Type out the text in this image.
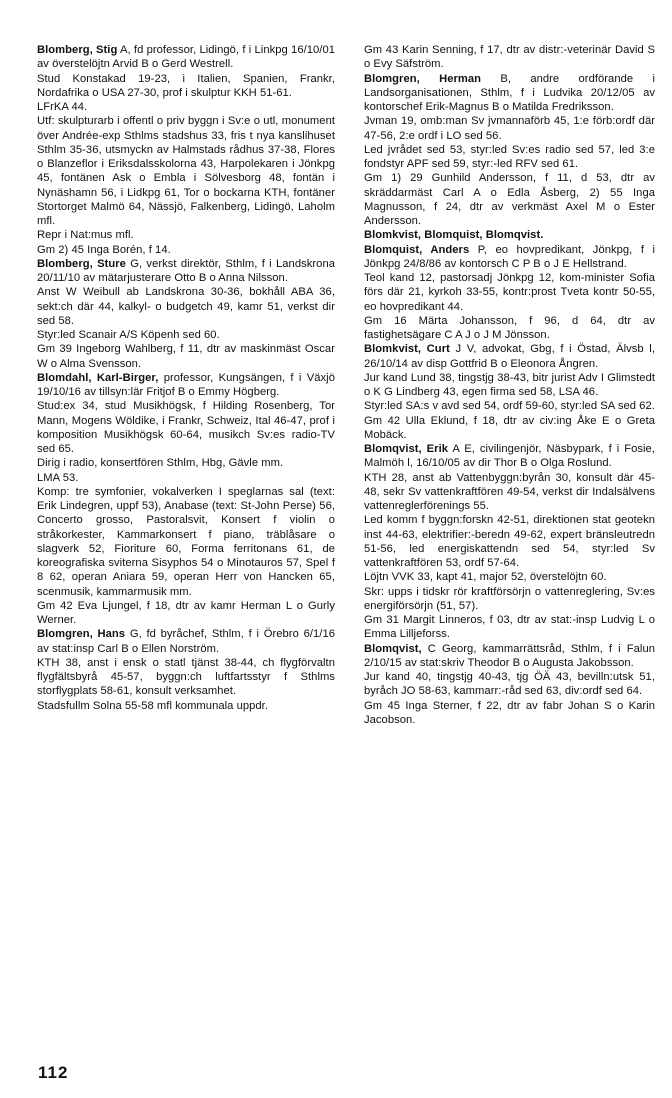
Blomberg, Stig A, fd professor, Lidingö, f i Linkpg 16/10/01 av överstelöjtn Arvid B o Gerd Westrell.

Stud Konstakad 19-23, i Italien, Spanien, Frankr, Nordafrika o USA 27-30, prof i skulptur KKH 51-61.

LFrKA 44.

Utf: skulpturarb i offentl o priv byggn i Sv:e o utl, monument över Andrée-exp Sthlms stadshus 33, fris t nya kanslihuset Sthlm 35-36, utsmyckn av Halmstads rådhus 37-38, Flores o Blanzeflor i Eriksdalsskolorna 43, Harpolekaren i Jönkpg 45, fontänen Ask o Embla i Sölvesborg 48, fontän i Nynäshamn 56, i Lidkpg 61, Tor o bockarna KTH, fontäner Stortorget Malmö 64, Nässjö, Falkenberg, Lidingö, Laholm mfl.

Repr i Nat:mus mfl.

Gm 2) 45 Inga Borén, f 14.

Blomberg, Sture G, verkst direktör, Sthlm, f i Landskrona 20/11/10 av mätarjusterare Otto B o Anna Nilsson.

Anst W Weibull ab Landskrona 30-36, bokhåll ABA 36, sekt:ch där 44, kalkyl- o budgetch 49, kamr 51, verkst dir sed 58.

Styr:led Scanair A/S Köpenh sed 60.

Gm 39 Ingeborg Wahlberg, f 11, dtr av maskinmäst Oscar W o Alma Svensson.

Blomdahl, Karl-Birger, professor, Kungsängen, f i Växjö 19/10/16 av tillsyn:lär Fritjof B o Emmy Högberg.

Stud:ex 34, stud Musikhögsk, f Hilding Rosenberg, Tor Mann, Mogens Wöldike, i Frankr, Schweiz, Ital 46-47, prof i komposition Musikhögsk 60-64, musikch Sv:es radio-TV sed 65.

Dirig i radio, konsertfören Sthlm, Hbg, Gävle mm.

LMA 53.

Komp: tre symfonier, vokalverken I speglarnas sal (text: Erik Lindegren, uppf 53), Anabase (text: St-John Perse) 56, Concerto grosso, Pastoralsvit, Konsert f violin o stråkorkester, Kammarkonsert f piano, träblåsare o slagverk 52, Fioriture 60, Forma ferritonans 61, de koreografiska sviterna Sisyphos 54 o Minotauros 57, Spel f 8 62, operan Aniara 59, operan Herr von Hancken 65, scenmusik, kammarmusik mm.

Gm 42 Eva Ljungel, f 18, dtr av kamr Herman L o Gurly Werner.

Blomgren, Hans G, fd byråchef, Sthlm, f i Örebro 6/1/16 av stat:insp Carl B o Ellen Norström.

KTH 38, anst i ensk o statl tjänst 38-44, ch flygförvaltn flygfältsbyrå 45-57, byggn:ch luftfartsstyr f Sthlms storflygplats 58-61, konsult verksamhet.

Stadsfullm Solna 55-58 mfl kommunala uppdr.

Gm 43 Karin Senning, f 17, dtr av distr:-veterinär David S o Evy Säfström.

Blomgren, Herman B, andre ordförande i Landsorganisationen, Sthlm, f i Ludvika 20/12/05 av kontorschef Erik-Magnus B o Matilda Fredriksson.

Jvman 19, omb:man Sv jvmannaförb 45, 1:e förb:ordf där 47-56, 2:e ordf i LO sed 56.

Led jvrådet sed 53, styr:led Sv:es radio sed 57, led 3:e fondstyr APF sed 59, styr:-led RFV sed 61.

Gm 1) 29 Gunhild Andersson, f 11, d 53, dtr av skräddarmäst Carl A o Edla Åsberg, 2) 55 Inga Magnusson, f 24, dtr av verkmäst Axel M o Ester Andersson.

Blomkvist, Blomquist, Blomqvist.

Blomquist, Anders P, eo hovpredikant, Jönkpg, f i Jönkpg 24/8/86 av kontorsch C P B o J E Hellstrand.

Teol kand 12, pastorsadj Jönkpg 12, kom-minister Sofia förs där 21, kyrkoh 33-55, kontr:prost Tveta kontr 50-55, eo hovpredikant 44.

Gm 16 Märta Johansson, f 96, d 64, dtr av fastighetsägare C A J o J M Jönsson.

Blomkvist, Curt J V, advokat, Gbg, f i Östad, Älvsb l, 26/10/14 av disp Gottfrid B o Eleonora Ångren.

Jur kand Lund 38, tingstjg 38-43, bitr jurist Adv I Glimstedt o K G Lindberg 43, egen firma sed 58, LSA 46.

Styr:led SA:s v avd sed 54, ordf 59-60, styr:led SA sed 62.

Gm 42 Ulla Eklund, f 18, dtr av civ:ing Åke E o Greta Mobäck.

Blomqvist, Erik A E, civilingenjör, Näsbypark, f i Fosie, Malmöh l, 16/10/05 av dir Thor B o Olga Roslund.

KTH 28, anst ab Vattenbyggn:byrån 30, konsult där 45-48, sekr Sv vattenkraftfören 49-54, verkst dir Indalsälvens vattenreglerförenings 55.

Led komm f byggn:forskn 42-51, direktionen stat geotekn inst 44-63, elektrifier:-beredn 49-62, expert bränsleutredn 51-56, led energiskattendn sed 54, styr:led Sv vattenkraftfören 53, ordf 57-64.

Löjtn VVK 33, kapt 41, major 52, överstelöjtn 60.

Skr: upps i tidskr rör kraftförsörjn o vattenreglering, Sv:es energiförsörjn (51, 57).

Gm 31 Margit Linneros, f 03, dtr av stat:-insp Ludvig L o Emma Lilljeforss.

Blomqvist, C Georg, kammarrättsråd, Sthlm, f i Falun 2/10/15 av stat:skriv Theodor B o Augusta Jakobsson.

Jur kand 40, tingstjg 40-43, tjg ÖÄ 43, bevilln:utsk 51, byråch JO 58-63, kammarr:-råd sed 63, div:ordf sed 64.

Gm 45 Inga Sterner, f 22, dtr av fabr Johan S o Karin Jacobson.

112
